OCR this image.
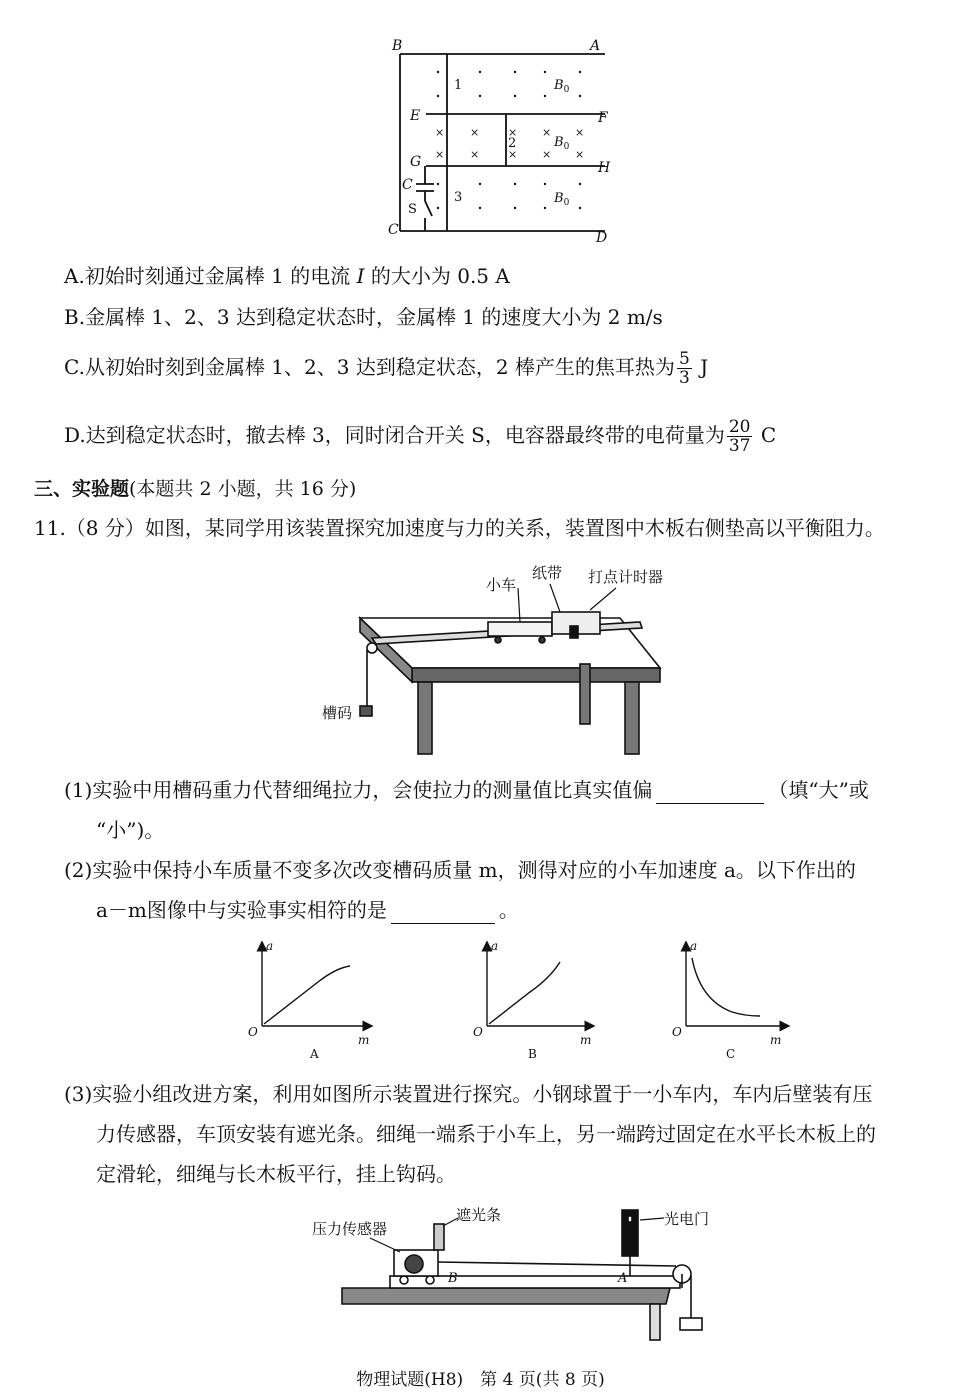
× ×	× × ×
× ×	× × ×
B	A
E	F
G	H
C	D
C
1
2
3
S
$B_0$
$B_0$
$B_0$
A.初始时刻通过金属棒 1 的电流 I 的大小为 0.5 A
B.金属棒 1、2、3 达到稳定状态时，金属棒 1 的速度大小为 2 m/s
C.从初始时刻到金属棒 1、2、3 达到稳定状态，2 棒产生的焦耳热为 $\frac{5}{3}$ J
D.达到稳定状态时，撤去棒 3，同时闭合开关 S，电容器最终带的电荷量为 $\frac{20}{37}$ C
三、实验题(本题共 2 小题，共 16 分)
11.（8 分）如图，某同学用该装置探究加速度与力的关系，装置图中木板右侧垫高以平衡阻力。
小车
纸带 打点计时器
槽码
(1)实验中用槽码重力代替细绳拉力，会使拉力的测量值比真实值偏	（填“大”或
“小”)。
(2)实验中保持小车质量不变多次改变槽码质量 m，测得对应的小车加速度 a。以下作出的
a－m图像中与实验事实相符的是	。
a
O
m
a
O
m
a
O
m
A	B	C
(3)实验小组改进方案，利用如图所示装置进行探究。小钢球置于一小车内，车内后壁装有压
力传感器，车顶安装有遮光条。细绳一端系于小车上，另一端跨过固定在水平长木板上的
定滑轮，细绳与长木板平行，挂上钩码。
压力传感器
遮光条	光电门
B	A
物理试题(H8)　第 4 页(共 8 页)
